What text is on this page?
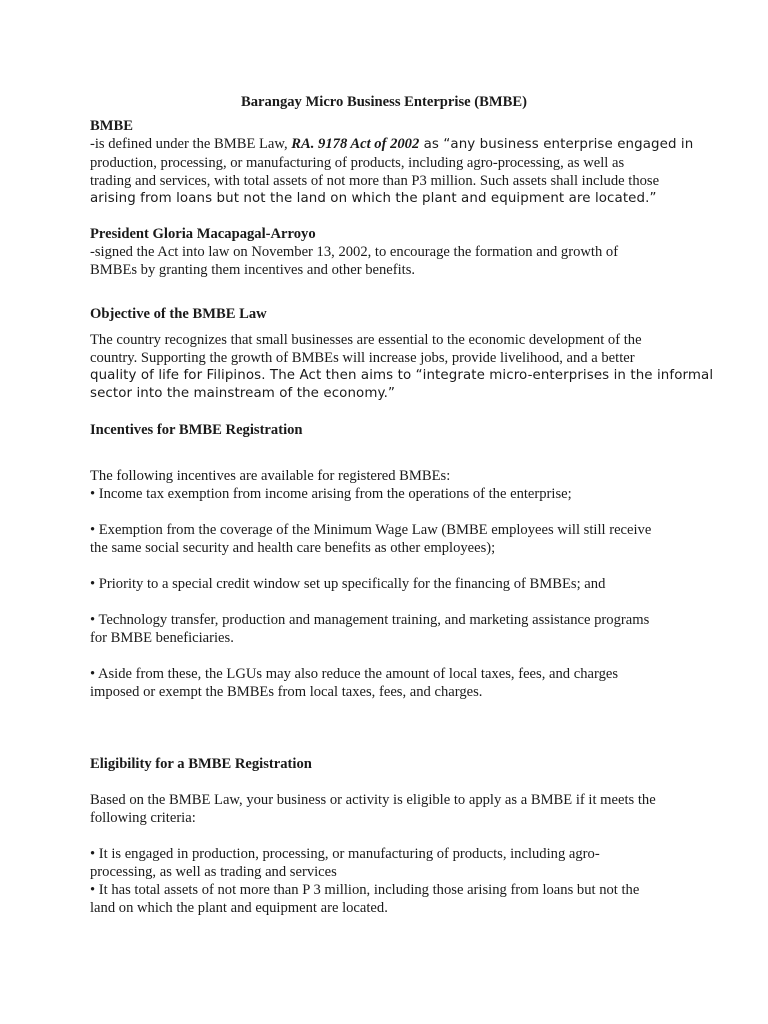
Barangay Micro Business Enterprise (BMBE)
BMBE
-is defined under the BMBE Law, RA. 9178 Act of 2002 as “any business enterprise engaged in
production, processing, or manufacturing of products, including agro-processing, as well as
trading and services, with total assets of not more than P3 million. Such assets shall include those
arising from loans but not the land on which the plant and equipment are located.”
President Gloria Macapagal-Arroyo
-signed the Act into law on November 13, 2002, to encourage the formation and growth of
BMBEs by granting them incentives and other benefits.
Objective of the BMBE Law
The country recognizes that small businesses are essential to the economic development of the
country. Supporting the growth of BMBEs will increase jobs, provide livelihood, and a better
quality of life for Filipinos. The Act then aims to “integrate micro-enterprises in the informal
sector into the mainstream of the economy.”
Incentives for BMBE Registration
The following incentives are available for registered BMBEs:
• Income tax exemption from income arising from the operations of the enterprise;
• Exemption from the coverage of the Minimum Wage Law (BMBE employees will still receive
the same social security and health care benefits as other employees);
• Priority to a special credit window set up specifically for the financing of BMBEs; and
• Technology transfer, production and management training, and marketing assistance programs
for BMBE beneficiaries.
• Aside from these, the LGUs may also reduce the amount of local taxes, fees, and charges
imposed or exempt the BMBEs from local taxes, fees, and charges.
Eligibility for a BMBE Registration
Based on the BMBE Law, your business or activity is eligible to apply as a BMBE if it meets the
following criteria:
• It is engaged in production, processing, or manufacturing of products, including agro-
processing, as well as trading and services
• It has total assets of not more than P 3 million, including those arising from loans but not the
land on which the plant and equipment are located.
